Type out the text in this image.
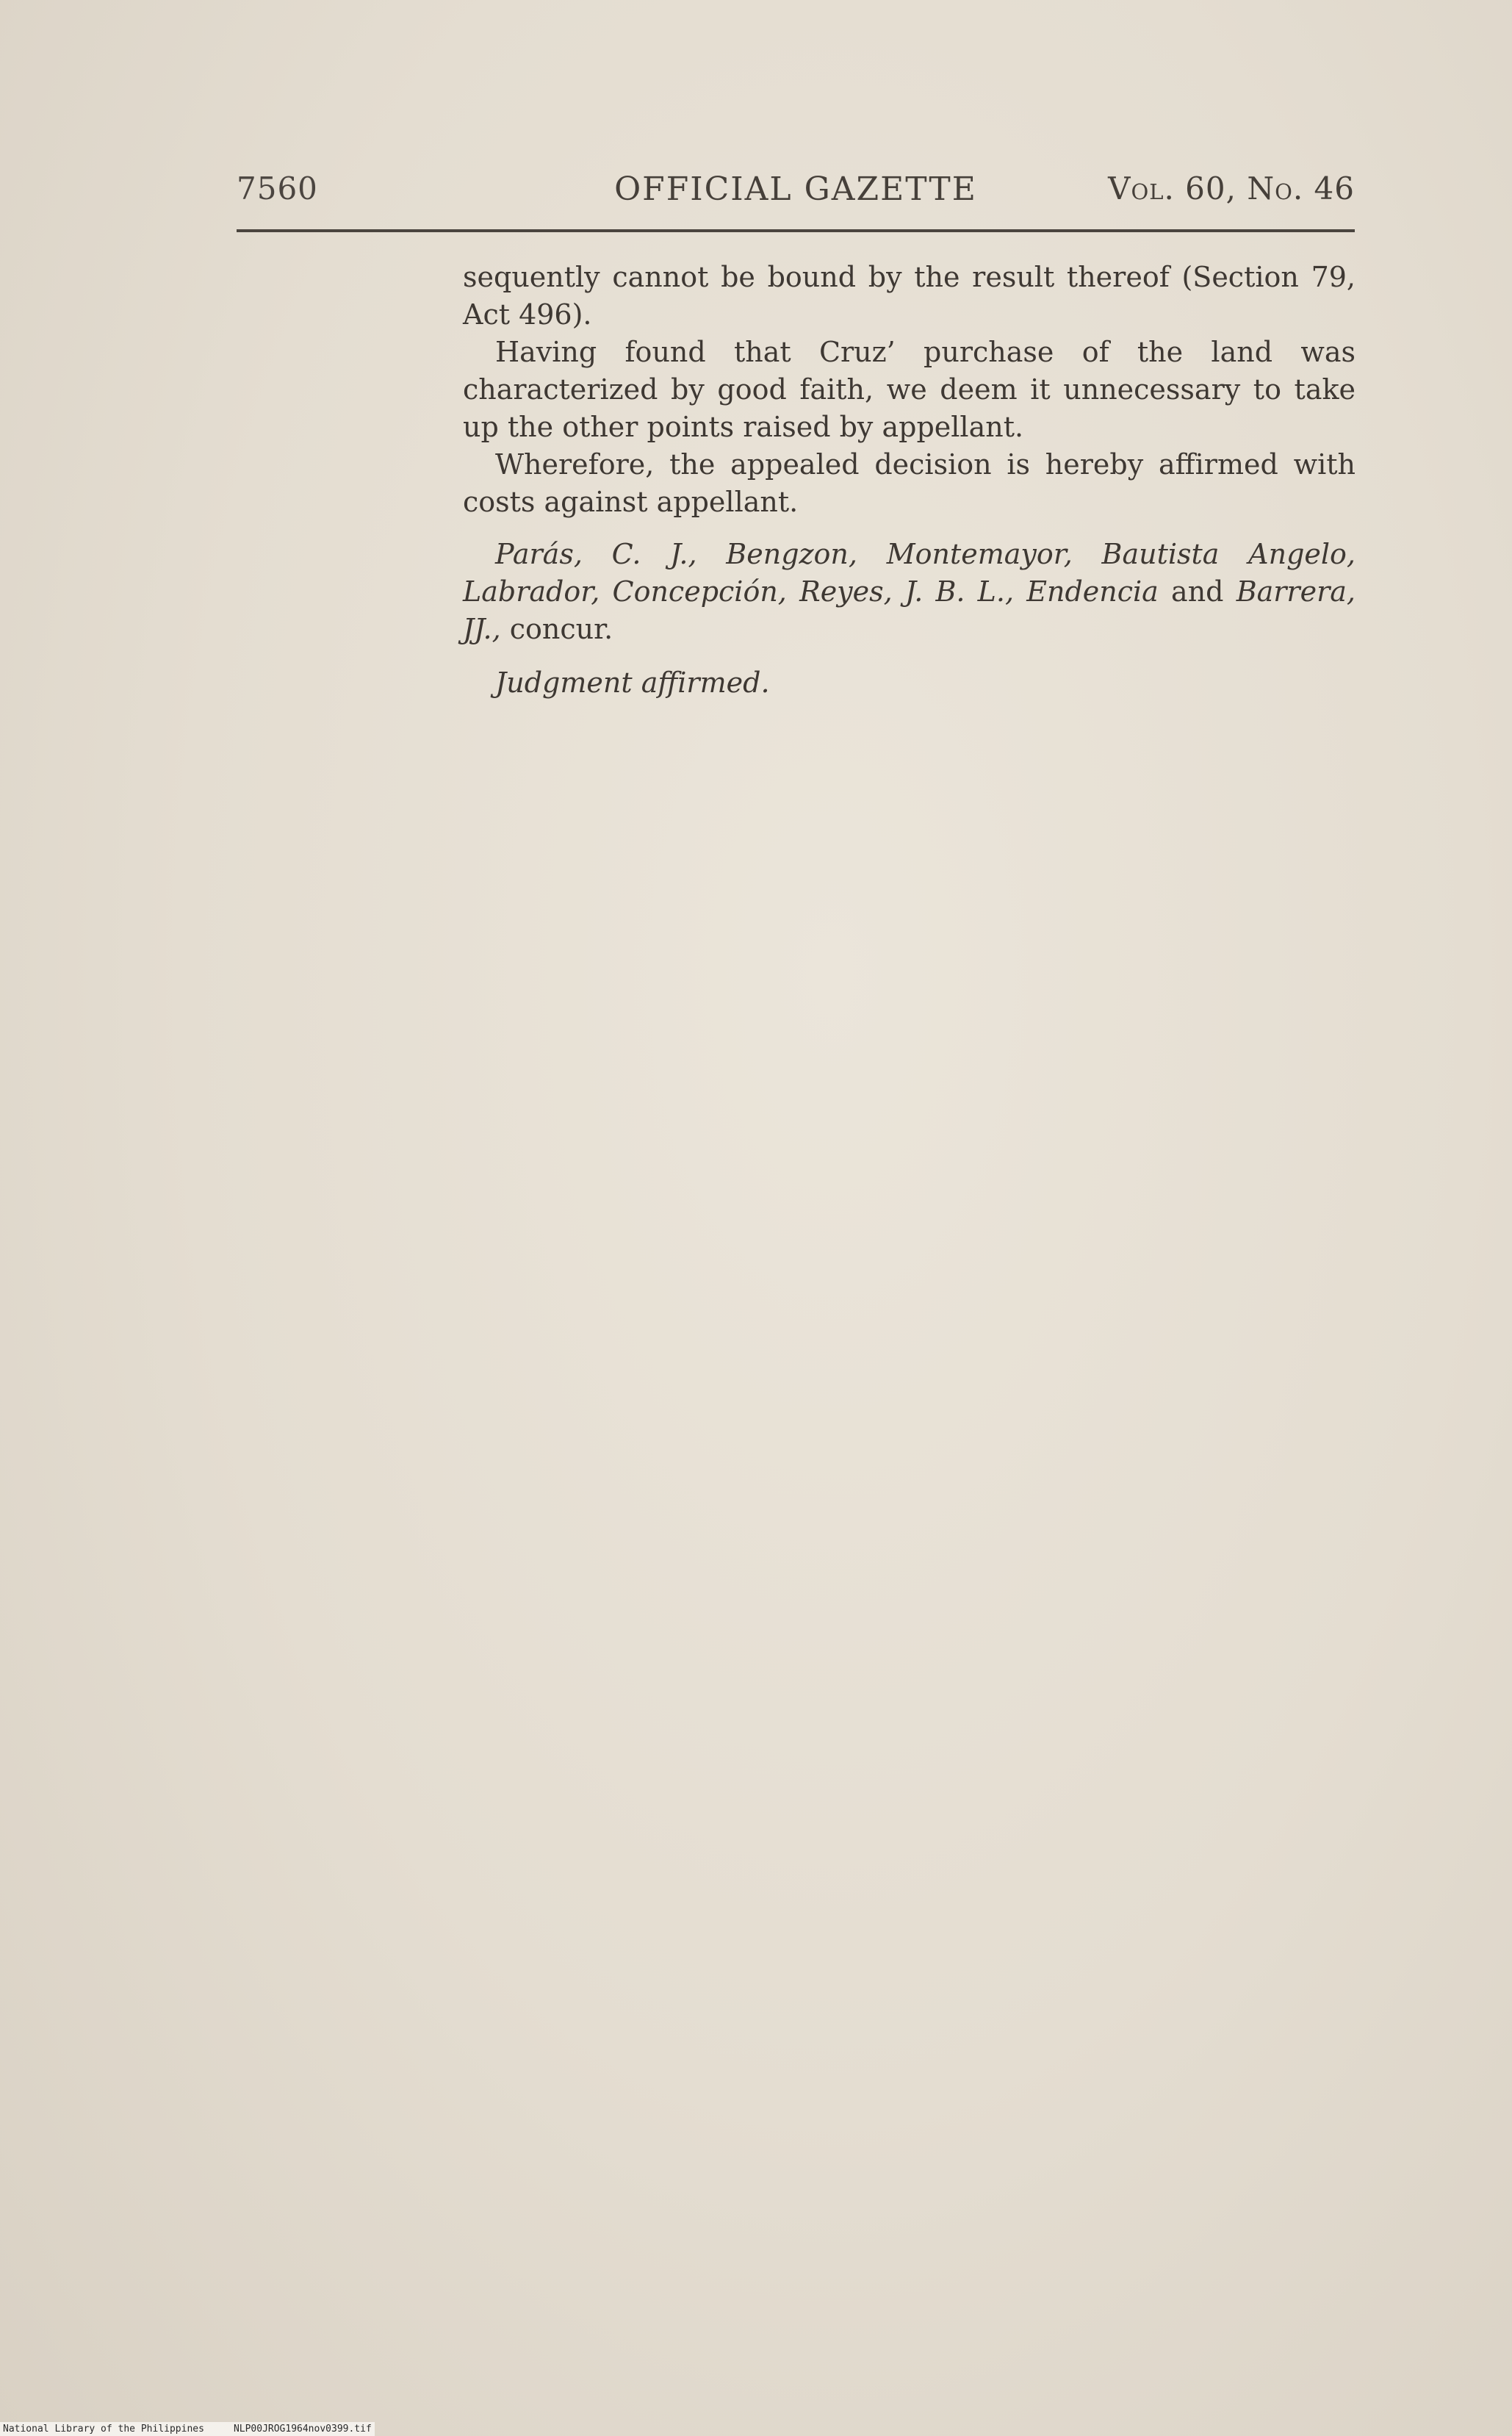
7560	OFFICIAL GAZETTE	Vol. 60, No. 46

sequently cannot be bound by the result thereof (Section 79, Act 496).

Having found that Cruz’ purchase of the land was characterized by good faith, we deem it unnecessary to take up the other points raised by appellant.

Wherefore, the appealed decision is hereby affirmed with costs against appellant.

Parás, C. J., Bengzon, Montemayor, Bautista Angelo, Labrador, Concepción, Reyes, J. B. L., Endencia and Barrera, JJ., concur.

Judgment affirmed.

National Library of the Philippines	NLP00JROG1964nov0399.tif
